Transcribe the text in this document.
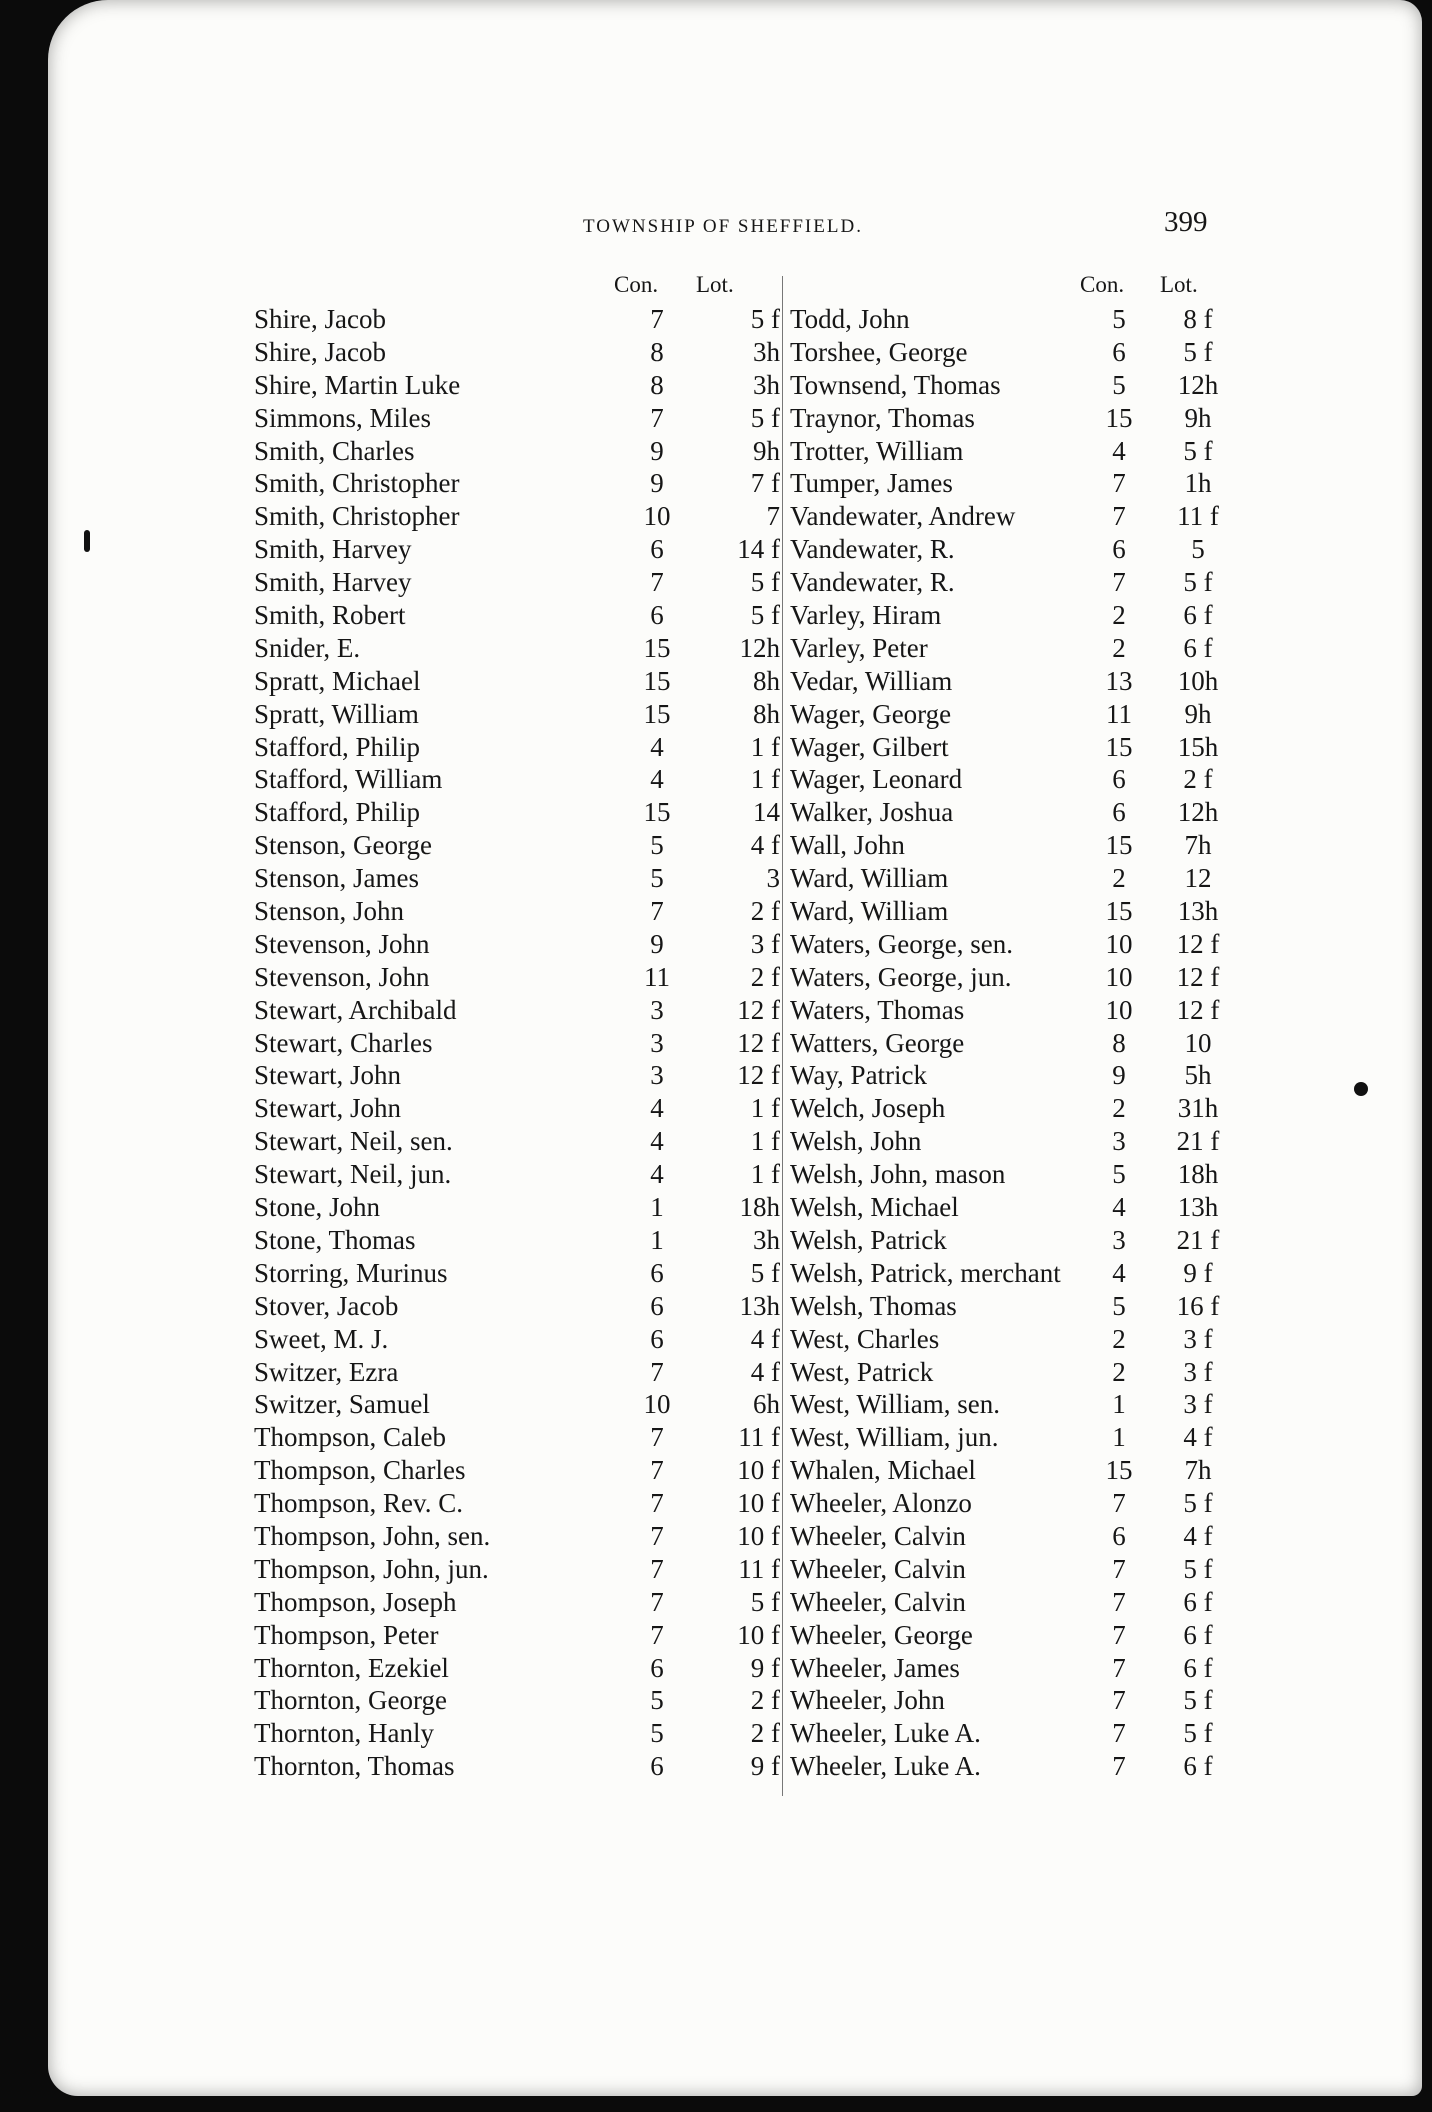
TOWNSHIP OF SHEFFIELD.	399
Con. Lot.	Con. Lot.
Shire, Jacob	7	5 f Todd, John	5	8 f
Shire, Jacob	8	3h Torshee, George	6	5 f
Shire, Martin Luke	8	3h Townsend, Thomas	5	12h
Simmons, Miles	7	5 f Traynor, Thomas	15	9h
Smith, Charles	9	9h Trotter, William	4	5 f
Smith, Christopher	9	7 f Tumper, James	7	1h
Smith, Christopher	10	7 Vandewater, Andrew	7	11 f
Smith, Harvey	6	14 f Vandewater, R.	6	5
Smith, Harvey	7	5 f Vandewater, R.	7	5 f
Smith, Robert	6	5 f Varley, Hiram	2	6 f
Snider, E.	15	12h Varley, Peter	2	6 f
Spratt, Michael	15	8h Vedar, William	13	10h
Spratt, William	15	8h Wager, George	11	9h
Stafford, Philip	4	1 f Wager, Gilbert	15	15h
Stafford, William	4	1 f Wager, Leonard	6	2 f
Stafford, Philip	15	14 Walker, Joshua	6	12h
Stenson, George	5	4 f Wall, John	15	7h
Stenson, James	5	3 Ward, William	2	12
Stenson, John	7	2 f Ward, William	15	13h
Stevenson, John	9	3 f Waters, George, sen.	10	12 f
Stevenson, John	11	2 f Waters, George, jun.	10	12 f
Stewart, Archibald	3	12 f Waters, Thomas	10	12 f
Stewart, Charles	3	12 f Watters, George	8	10
Stewart, John	3	12 f Way, Patrick	9	5h
Stewart, John	4	1 f Welch, Joseph	2	31h
Stewart, Neil, sen.	4	1 f Welsh, John	3	21 f
Stewart, Neil, jun.	4	1 f Welsh, John, mason	5	18h
Stone, John	1	18h Welsh, Michael	4	13h
Stone, Thomas	1	3h Welsh, Patrick	3	21 f
Storring, Murinus	6	5 f Welsh, Patrick, merchant	4	9 f
Stover, Jacob	6	13h Welsh, Thomas	5	16 f
Sweet, M. J.	6	4 f West, Charles	2	3 f
Switzer, Ezra	7	4 f West, Patrick	2	3 f
Switzer, Samuel	10	6h West, William, sen.	1	3 f
Thompson, Caleb	7	11 f West, William, jun.	1	4 f
Thompson, Charles	7	10 f Whalen, Michael	15	7h
Thompson, Rev. C.	7	10 f Wheeler, Alonzo	7	5 f
Thompson, John, sen.	7	10 f Wheeler, Calvin	6	4 f
Thompson, John, jun.	7	11 f Wheeler, Calvin	7	5 f
Thompson, Joseph	7	5 f Wheeler, Calvin	7	6 f
Thompson, Peter	7	10 f Wheeler, George	7	6 f
Thornton, Ezekiel	6	9 f Wheeler, James	7	6 f
Thornton, George	5	2 f Wheeler, John	7	5 f
Thornton, Hanly	5	2 f Wheeler, Luke A.	7	5 f
Thornton, Thomas	6	9 f Wheeler, Luke A.	7	6 f
